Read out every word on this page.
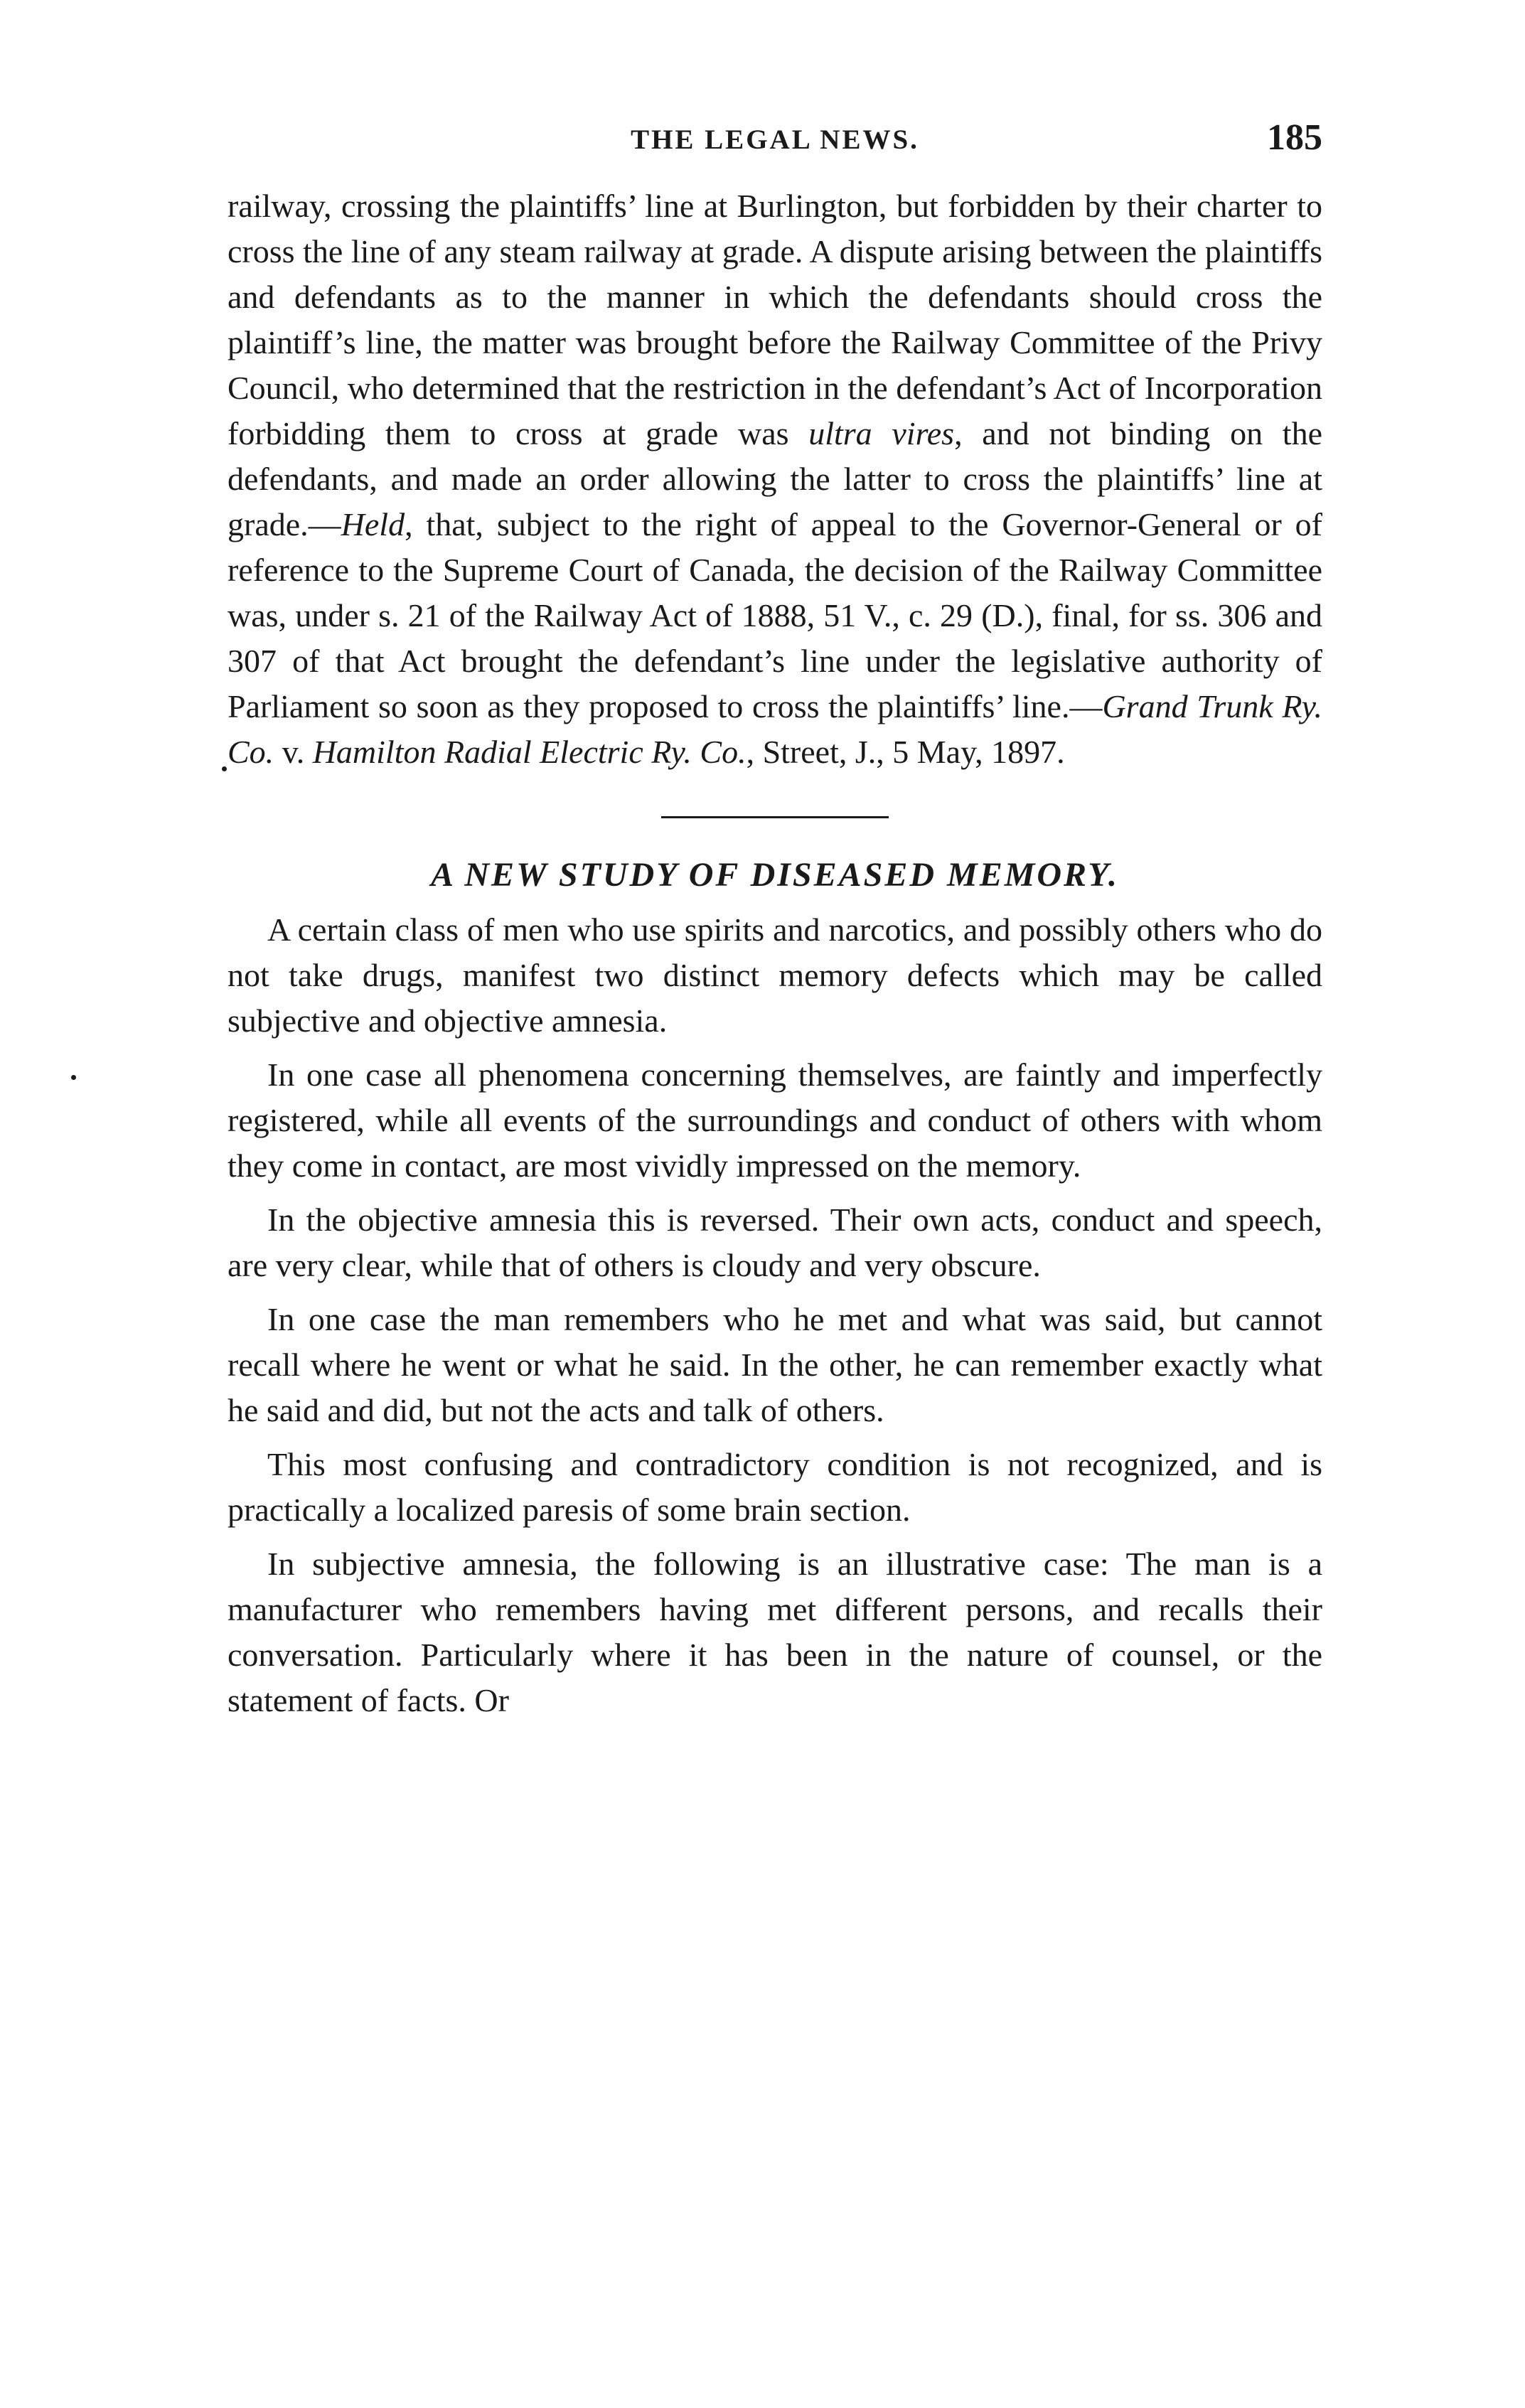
THE LEGAL NEWS.	185

railway, crossing the plaintiffs’ line at Burlington, but forbidden by their charter to cross the line of any steam railway at grade. A dispute arising between the plaintiffs and defendants as to the manner in which the defendants should cross the plaintiff’s line, the matter was brought before the Railway Committee of the Privy Council, who determined that the restriction in the defendant’s Act of Incorporation forbidding them to cross at grade was ultra vires, and not binding on the defendants, and made an order allowing the latter to cross the plaintiffs’ line at grade.—Held, that, subject to the right of appeal to the Governor-General or of reference to the Supreme Court of Canada, the decision of the Railway Committee was, under s. 21 of the Railway Act of 1888, 51 V., c. 29 (D.), final, for ss. 306 and 307 of that Act brought the defendant’s line under the legislative authority of Parliament so soon as they proposed to cross the plaintiffs’ line.—Grand Trunk Ry. Co. v. Hamilton Radial Electric Ry. Co., Street, J., 5 May, 1897.

A NEW STUDY OF DISEASED MEMORY.

A certain class of men who use spirits and narcotics, and possibly others who do not take drugs, manifest two distinct memory defects which may be called subjective and objective amnesia.

In one case all phenomena concerning themselves, are faintly and imperfectly registered, while all events of the surroundings and conduct of others with whom they come in contact, are most vividly impressed on the memory.

In the objective amnesia this is reversed. Their own acts, conduct and speech, are very clear, while that of others is cloudy and very obscure.

In one case the man remembers who he met and what was said, but cannot recall where he went or what he said. In the other, he can remember exactly what he said and did, but not the acts and talk of others.

This most confusing and contradictory condition is not recognized, and is practically a localized paresis of some brain section.

In subjective amnesia, the following is an illustrative case: The man is a manufacturer who remembers having met different persons, and recalls their conversation. Particularly where it has been in the nature of counsel, or the statement of facts. Or
